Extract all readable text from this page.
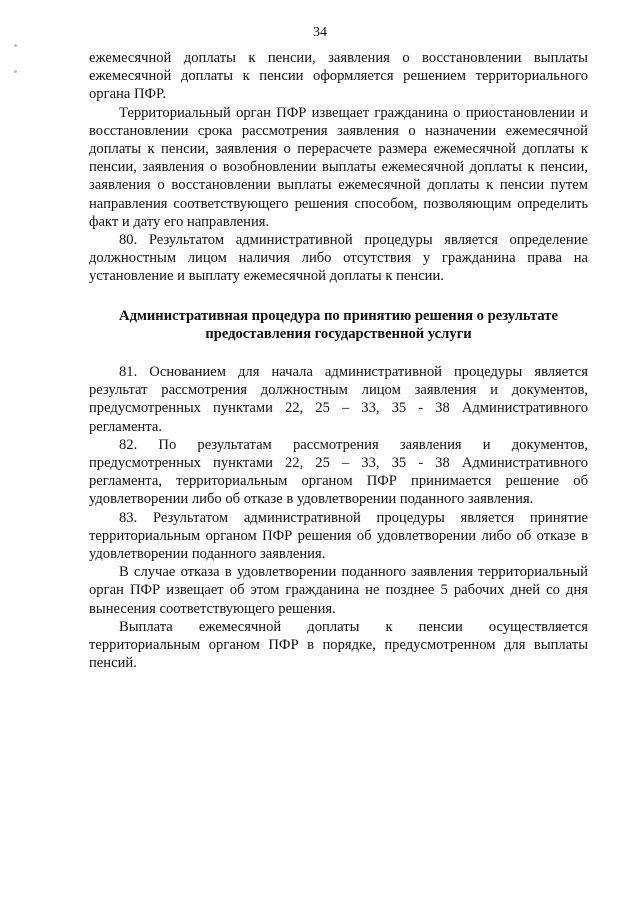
34

ежемесячной доплаты к пенсии, заявления о восстановлении выплаты ежемесячной доплаты к пенсии оформляется решением территориального органа ПФР.

Территориальный орган ПФР извещает гражданина о приостановлении и восстановлении срока рассмотрения заявления о назначении ежемесячной доплаты к пенсии, заявления о перерасчете размера ежемесячной доплаты к пенсии, заявления о возобновлении выплаты ежемесячной доплаты к пенсии, заявления о восстановлении выплаты ежемесячной доплаты к пенсии путем направления соответствующего решения способом, позволяющим определить факт и дату его направления.

80. Результатом административной процедуры является определение должностным лицом наличия либо отсутствия у гражданина права на установление и выплату ежемесячной доплаты к пенсии.

Административная процедура по принятию решения о результате
предоставления государственной услуги

81. Основанием для начала административной процедуры является результат рассмотрения должностным лицом заявления и документов, предусмотренных пунктами 22, 25 – 33, 35 - 38 Административного регламента.

82. По результатам рассмотрения заявления и документов, предусмотренных пунктами 22, 25 – 33, 35 - 38 Административного регламента, территориальным органом ПФР принимается решение об удовлетворении либо об отказе в удовлетворении поданного заявления.

83. Результатом административной процедуры является принятие территориальным органом ПФР решения об удовлетворении либо об отказе в удовлетворении поданного заявления.

В случае отказа в удовлетворении поданного заявления территориальный орган ПФР извещает об этом гражданина не позднее 5 рабочих дней со дня вынесения соответствующего решения.

Выплата ежемесячной доплаты к пенсии осуществляется территориальным органом ПФР в порядке, предусмотренном для выплаты пенсий.
